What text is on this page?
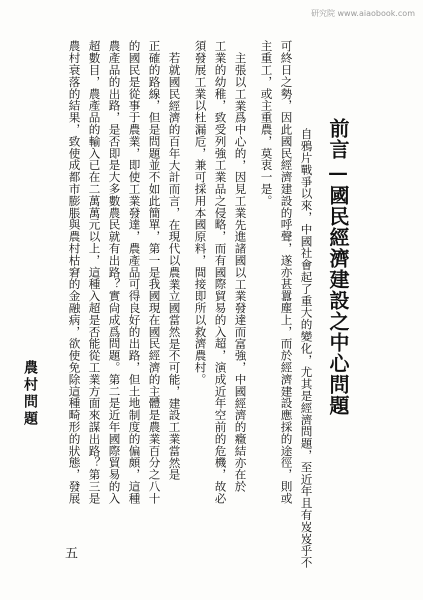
研究院 www.aiaobook.com
前言—國民經濟建設之中心問題
自鴉片戰爭以來，中國社會起了重大的變化，尤其是經濟問題，至近年且有岌岌乎不
可終日之勢，因此國民經濟建設的呼聲，遂亦甚囂塵上，而於經濟建設應採的途徑，則或
主重工，或主重農，莫衷一是。
主張以工業爲中心的，因見工業先進諸國以工業發達而富強，中國經濟的癥結亦在於
工業的幼稚，致受列強工業品之侵略，而有國際貿易的入超，演成近年空前的危機，故必
須發展工業以杜漏卮，兼可採用本國原料，間接即所以救濟農村。
若就國民經濟的百年大計而言，在現代以農業立國當然是不可能，建設工業當然是
正確的路線，但是問題並不如此簡單，第一是我國現在國民經濟的主體是農業百分之八十
的國民是從事于農業，即使工業發達，農產品可得良好的出路，但土地制度的偏頗，這種
農產品的出路，是否即是大多數農民就有出路？實尙成爲問題。第二是近年國際貿易的入
超數目，農產品的輸入已在二萬萬元以上，這種入超是否能從工業方面來謀出路？第三是
農村衰落的結果，致使成都市膨脹與農村枯窘的金融病，欲使免除這種畸形的狀態，發展
農村問題
五
